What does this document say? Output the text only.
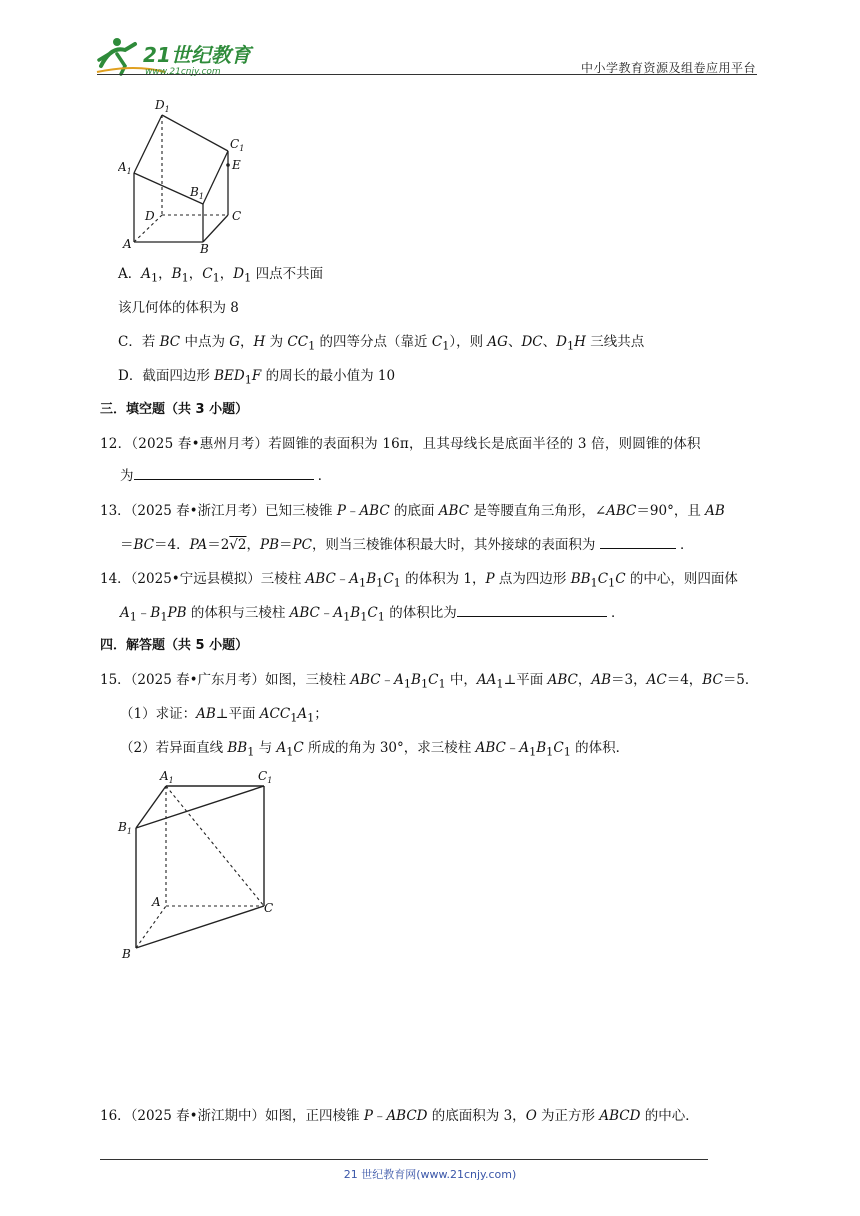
21世纪教育
www.21cnjy.com	中小学教育资源及组卷应用平台
$D_1$
$C_1$
E
$A_1$
$B_1$
D	C
A	B
A．$A_1$，$B_1$，$C_1$，$D_1$ 四点不共面
该几何体的体积为 8
C．若 BC 中点为 G，H 为 $CC_1$ 的四等分点（靠近 $C_1$），则 AG、DC、$D_1H$ 三线共点
D．截面四边形 $BED_1F$ 的周长的最小值为 10
三．填空题（共 3 小题）
12．（2025 春•惠州月考）若圆锥的表面积为 16π，且其母线长是底面半径的 3 倍，则圆锥的体积
为	．
13．（2025 春•浙江月考）已知三棱锥 P﹣ABC 的底面 ABC 是等腰直角三角形，∠ABC＝90°，且 AB
＝BC＝4．PA＝2√2，PB＝PC，则当三棱锥体积最大时，其外接球的表面积为	．
14．（2025•宁远县模拟）三棱柱 $ABC﹣A_1B_1C_1$ 的体积为 1，P 点为四边形 $BB_1C_1C$ 的中心，则四面体
$A_1﹣B_1PB$ 的体积与三棱柱 $ABC﹣A_1B_1C_1$ 的体积比为	．
四．解答题（共 5 小题）
15．（2025 春•广东月考）如图，三棱柱 $ABC﹣A_1B_1C_1$ 中，$AA_1\perp$平面 ABC，AB＝3，AC＝4，BC＝5．
（1）求证：AB⊥平面 $ACC_1A_1$；
（2）若异面直线 $BB_1$ 与 $A_1C$ 所成的角为 30°，求三棱柱 $ABC﹣A_1B_1C_1$ 的体积．
$A_1$	$C_1$
$B_1$
A	C
B
16．（2025 春•浙江期中）如图，正四棱锥 P﹣ABCD 的底面积为 3，O 为正方形 ABCD 的中心．
21 世纪教育网(www.21cnjy.com)
